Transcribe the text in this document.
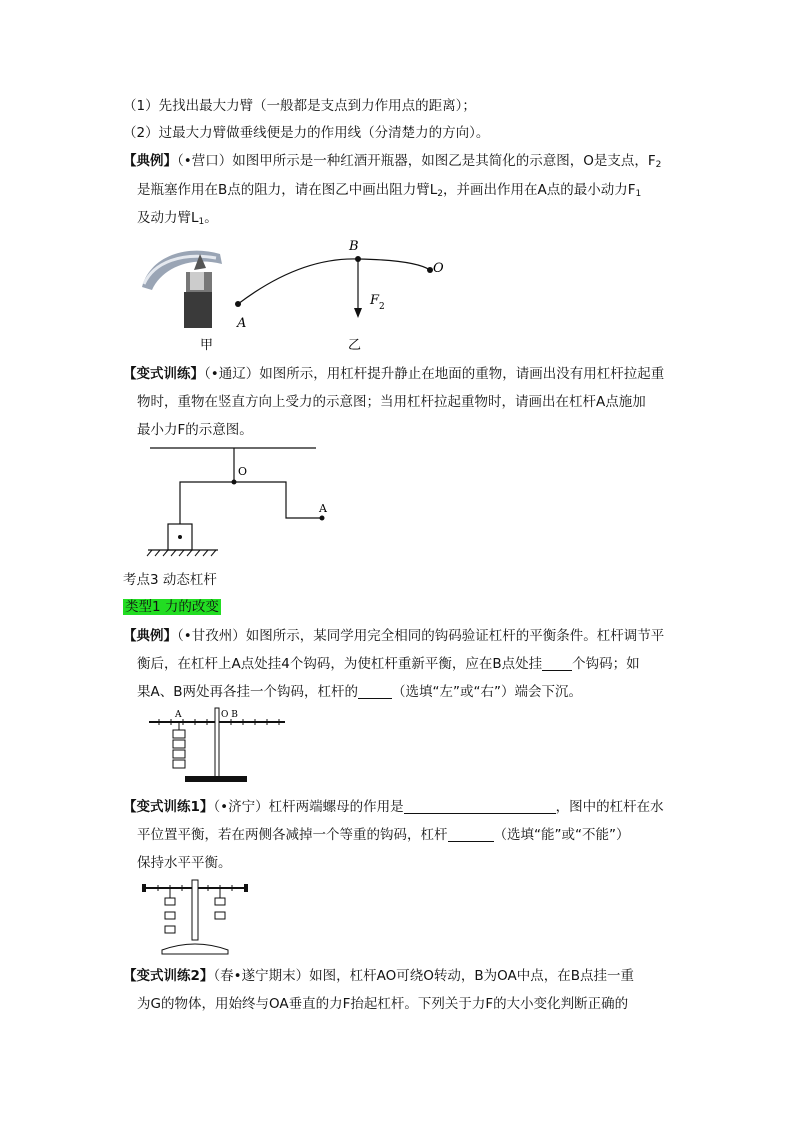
（1）先找出最大力臂（一般都是支点到力作用点的距离）；
（2）过最大力臂做垂线便是力的作用线（分清楚力的方向）。
【典例】（•营口）如图甲所示是一种红酒开瓶器，如图乙是其简化的示意图，O是支点，$F_2$
是瓶塞作用在B点的阻力，请在图乙中画出阻力臂$L_2$，并画出作用在A点的最小动力$F_1$
及动力臂$L_1$。
甲
A
B
O
F 2
乙
【变式训练】（•通辽）如图所示，用杠杆提升静止在地面的重物，请画出没有用杠杆拉起重
物时，重物在竖直方向上受力的示意图；当用杠杆拉起重物时，请画出在杠杆A点施加
最小力F的示意图。
O
A
考点3 动态杠杆
类型1 力的改变
【典例】（•甘孜州）如图所示，某同学用完全相同的钩码验证杠杆的平衡条件。杠杆调节平
衡后，在杠杆上A点处挂4个钩码，为使杠杆重新平衡，应在B点处挂 个钩码；如
果A、B两处再各挂一个钩码，杠杆的	（选填“左”或“右”）端会下沉。
A	O B
【变式训练1】（•济宁）杠杆两端螺母的作用是	，图中的杠杆在水
平位置平衡，若在两侧各减掉一个等重的钩码，杠杆	（选填“能”或“不能”）
保持水平平衡。
【变式训练2】（春•遂宁期末）如图，杠杆AO可绕O转动，B为OA中点，在B点挂一重
为G的物体，用始终与OA垂直的力F抬起杠杆。下列关于力F的大小变化判断正确的
